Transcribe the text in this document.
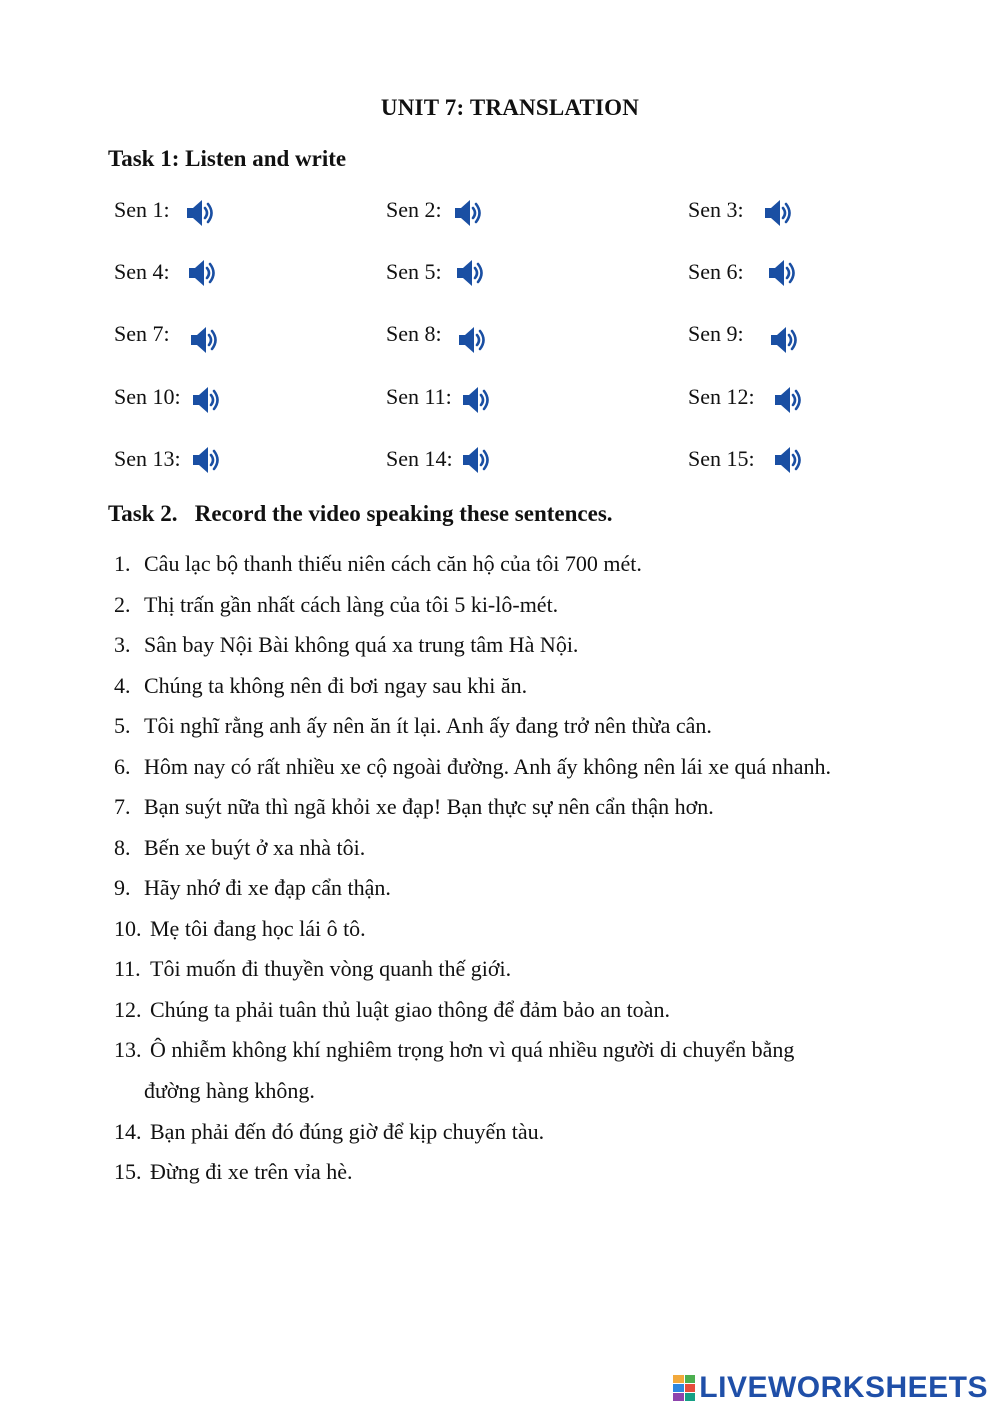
UNIT 7: TRANSLATION
Task 1: Listen and write
Sen 1:	Sen 2:	Sen 3:
Sen 4:	Sen 5:	Sen 6:
Sen 7:	Sen 8:	Sen 9:
Sen 10:	Sen 11:	Sen 12:
Sen 13:	Sen 14:	Sen 15:
Task 2.   Record the video speaking these sentences.
1. Câu lạc bộ thanh thiếu niên cách căn hộ của tôi 700 mét.
2. Thị trấn gần nhất cách làng của tôi 5 ki-lô-mét.
3. Sân bay Nội Bài không quá xa trung tâm Hà Nội.
4. Chúng ta không nên đi bơi ngay sau khi ăn.
5. Tôi nghĩ rằng anh ấy nên ăn ít lại. Anh ấy đang trở nên thừa cân.
6. Hôm nay có rất nhiều xe cộ ngoài đường. Anh ấy không nên lái xe quá nhanh.
7. Bạn suýt nữa thì ngã khỏi xe đạp! Bạn thực sự nên cẩn thận hơn.
8. Bến xe buýt ở xa nhà tôi.
9. Hãy nhớ đi xe đạp cẩn thận.
10. Mẹ tôi đang học lái ô tô.
11. Tôi muốn đi thuyền vòng quanh thế giới.
12. Chúng ta phải tuân thủ luật giao thông để đảm bảo an toàn.
13. Ô nhiễm không khí nghiêm trọng hơn vì quá nhiều người di chuyển bằng
đường hàng không.
14. Bạn phải đến đó đúng giờ để kịp chuyến tàu.
15. Đừng đi xe trên vỉa hè.
LIVEWORKSHEETS
